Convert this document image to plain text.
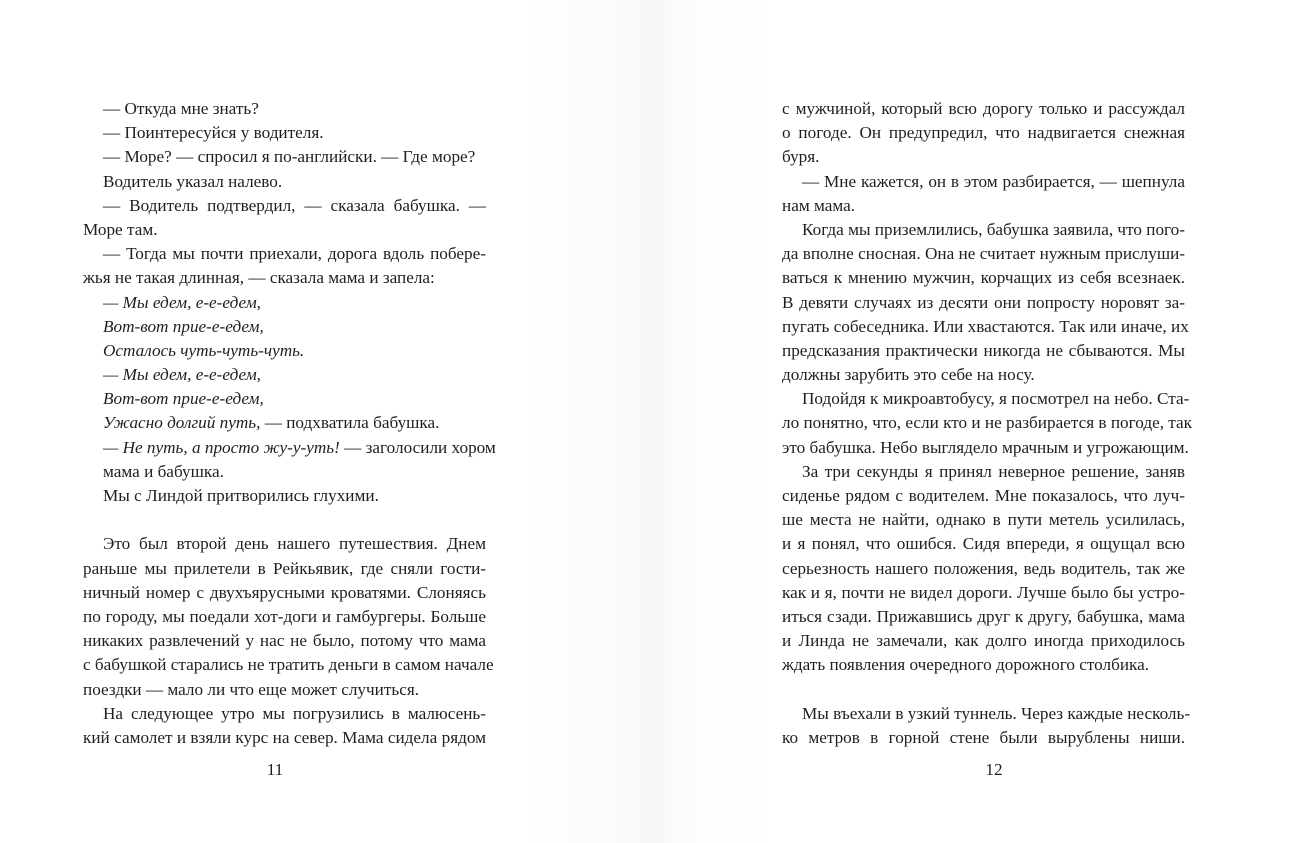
— Откуда мне знать?
— Поинтересуйся у водителя.
— Море? — спросил я по-английски. — Где море?
Водитель указал налево.
— Водитель подтвердил, — сказала бабушка. —
Море там.
— Тогда мы почти приехали, дорога вдоль побере-
жья не такая длинная, — сказала мама и запела:
— Мы едем, е-е-едем,
Вот-вот прие-е-едем,
Осталось чуть-чуть-чуть.
— Мы едем, е-е-едем,
Вот-вот прие-е-едем,
Ужасно долгий путь, — подхватила бабушка.
— Не путь, а просто жу-у-уть! — заголосили хором
мама и бабушка.
Мы с Линдой притворились глухими.
Это был второй день нашего путешествия. Днем
раньше мы прилетели в Рейкьявик, где сняли гости-
ничный номер с двухъярусными кроватями. Слоняясь
по городу, мы поедали хот-доги и гамбургеры. Больше
никаких развлечений у нас не было, потому что мама
с бабушкой старались не тратить деньги в самом начале
поездки — мало ли что еще может случиться.
На следующее утро мы погрузились в малюсень-
кий самолет и взяли курс на север. Мама сидела рядом
11
с мужчиной, который всю дорогу только и рассуждал
о погоде. Он предупредил, что надвигается снежная
буря.
— Мне кажется, он в этом разбирается, — шепнула
нам мама.
Когда мы приземлились, бабушка заявила, что пого-
да вполне сносная. Она не считает нужным прислуши-
ваться к мнению мужчин, корчащих из себя всезнаек.
В девяти случаях из десяти они попросту норовят за-
пугать собеседника. Или хвастаются. Так или иначе, их
предсказания практически никогда не сбываются. Мы
должны зарубить это себе на носу.
Подойдя к микроавтобусу, я посмотрел на небо. Ста-
ло понятно, что, если кто и не разбирается в погоде, так
это бабушка. Небо выглядело мрачным и угрожающим.
За три секунды я принял неверное решение, заняв
сиденье рядом с водителем. Мне показалось, что луч-
ше места не найти, однако в пути метель усилилась,
и я понял, что ошибся. Сидя впереди, я ощущал всю
серьезность нашего положения, ведь водитель, так же
как и я, почти не видел дороги. Лучше было бы устро-
иться сзади. Прижавшись друг к другу, бабушка, мама
и Линда не замечали, как долго иногда приходилось
ждать появления очередного дорожного столбика.
Мы въехали в узкий туннель. Через каждые несколь-
ко метров в горной стене были вырублены ниши.
12
